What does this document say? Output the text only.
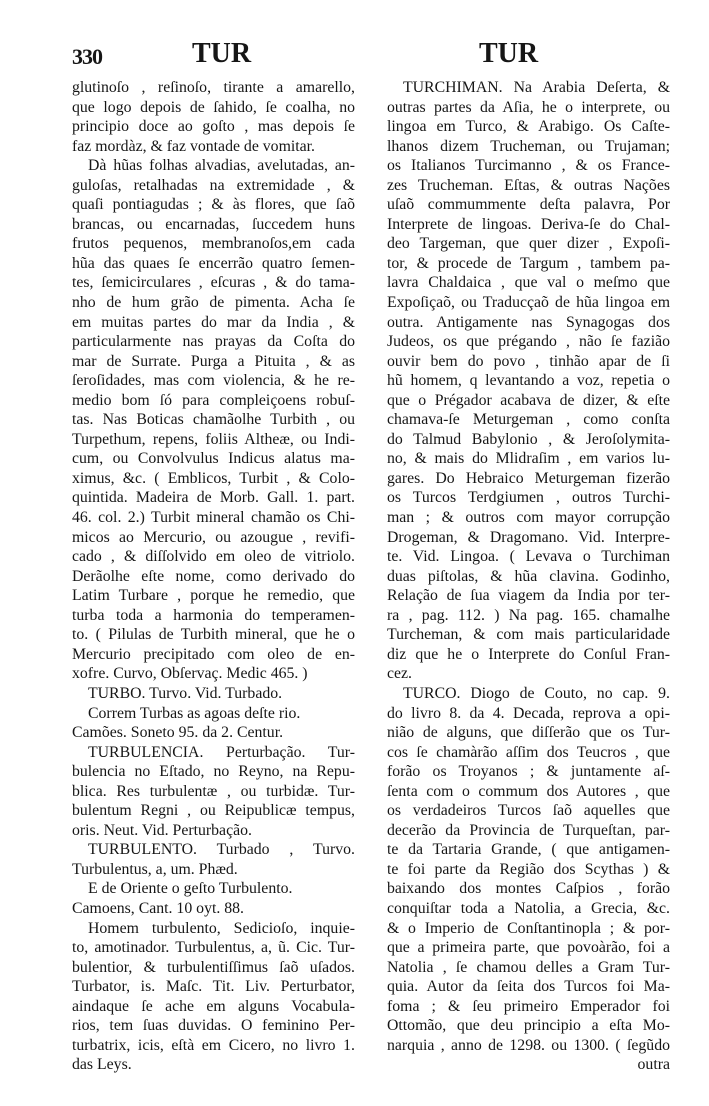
330	TUR	TUR
glutinoſo , reſinoſo, tirante a amarello,
que logo depois de ſahido, ſe coalha, no
principio doce ao goſto , mas depois ſe
faz mordàz, & faz vontade de vomitar.
Dà hũas folhas alvadias, avelutadas, an-
guloſas, retalhadas na extremidade , &
quaſi pontiagudas ; & às flores, que ſaõ
brancas, ou encarnadas, ſuccedem huns
frutos pequenos, membranoſos,em cada
hũa das quaes ſe encerrão quatro ſemen-
tes, ſemicirculares , eſcuras , & do tama-
nho de hum grão de pimenta. Acha ſe
em muitas partes do mar da India , &
particularmente nas prayas da Coſta do
mar de Surrate. Purga a Pituita , & as
ſeroſidades, mas com violencia, & he re-
medio bom ſó para compleiçoens robuſ-
tas. Nas Boticas chamãolhe Turbith , ou
Turpethum, repens, foliis Altheæ, ou Indi-
cum, ou Convolvulus Indicus alatus ma-
ximus, &c. ( Emblicos, Turbit , & Colo-
quintida. Madeira de Morb. Gall. 1. part.
46. col. 2.) Turbit mineral chamão os Chi-
micos ao Mercurio, ou azougue , revifi-
cado , & diſſolvido em oleo de vitriolo.
Derãolhe eſte nome, como derivado do
Latim Turbare , porque he remedio, que
turba toda a harmonia do temperamen-
to. ( Pilulas de Turbith mineral, que he o
Mercurio precipitado com oleo de en-
xofre. Curvo, Obſervaç. Medic 465. )
TURBO. Turvo. Vid. Turbado.
Correm Turbas as agoas deſte rio.
Camões. Soneto 95. da 2. Centur.
TURBULENCIA. Perturbação. Tur-
bulencia no Eſtado, no Reyno, na Repu-
blica. Res turbulentæ , ou turbidæ. Tur-
bulentum Regni , ou Reipublicæ tempus,
oris. Neut. Vid. Perturbação.
TURBULENTO. Turbado , Turvo.
Turbulentus, a, um. Phæd.
E de Oriente o geſto Turbulento.
Camoens, Cant. 10 oyt. 88.
Homem turbulento, Sedicioſo, inquie-
to, amotinador. Turbulentus, a, ũ. Cic. Tur-
bulentior, & turbulentiſſimus ſaõ uſados.
Turbator, is. Maſc. Tit. Liv. Perturbator,
aindaque ſe ache em alguns Vocabula-
rios, tem ſuas duvidas. O feminino Per-
turbatrix, icis, eſtà em Cicero, no livro 1.
das Leys.
TURCHIMAN. Na Arabia Deſerta, &
outras partes da Aſia, he o interprete, ou
lingoa em Turco, & Arabigo. Os Caſte-
lhanos dizem Trucheman, ou Trujaman;
os Italianos Turcimanno , & os France-
zes Trucheman. Eſtas, & outras Nações
uſaõ commummente deſta palavra, Por
Interprete de lingoas. Deriva-ſe do Chal-
deo Targeman, que quer dizer , Expoſi-
tor, & procede de Targum , tambem pa-
lavra Chaldaica , que val o meſmo que
Expoſiçaõ, ou Traducçaõ de hũa lingoa em
outra. Antigamente nas Synagogas dos
Judeos, os que prégando , não ſe fazião
ouvir bem do povo , tinhão apar de ſi
hũ homem, q levantando a voz, repetia o
que o Prégador acabava de dizer, & eſte
chamava-ſe Meturgeman , como conſta
do Talmud Babylonio , & Jeroſolymita-
no, & mais do Mlidraſim , em varios lu-
gares. Do Hebraico Meturgeman fizerão
os Turcos Terdgiumen , outros Turchi-
man ; & outros com mayor corrupção
Drogeman, & Dragomano. Vid. Interpre-
te. Vid. Lingoa. ( Levava o Turchiman
duas piſtolas, & hũa clavina. Godinho,
Relação de ſua viagem da India por ter-
ra , pag. 112. ) Na pag. 165. chamalhe
Turcheman, & com mais particularidade
diz que he o Interprete do Conſul Fran-
cez.
TURCO. Diogo de Couto, no cap. 9.
do livro 8. da 4. Decada, reprova a opi-
nião de alguns, que diſſerão que os Tur-
cos ſe chamàrão aſſim dos Teucros , que
forão os Troyanos ; & juntamente aſ-
ſenta com o commum dos Autores , que
os verdadeiros Turcos ſaõ aquelles que
decerão da Provincia de Turqueſtan, par-
te da Tartaria Grande, ( que antigamen-
te foi parte da Região dos Scythas ) &
baixando dos montes Caſpios , forão
conquiſtar toda a Natolia, a Grecia, &c.
& o Imperio de Conſtantinopla ; & por-
que a primeira parte, que povoàrão, foi a
Natolia , ſe chamou delles a Gram Tur-
quia. Autor da ſeita dos Turcos foi Ma-
foma ; & ſeu primeiro Emperador foi
Ottomão, que deu principio a eſta Mo-
narquia , anno de 1298. ou 1300. ( ſegũdo
outra
